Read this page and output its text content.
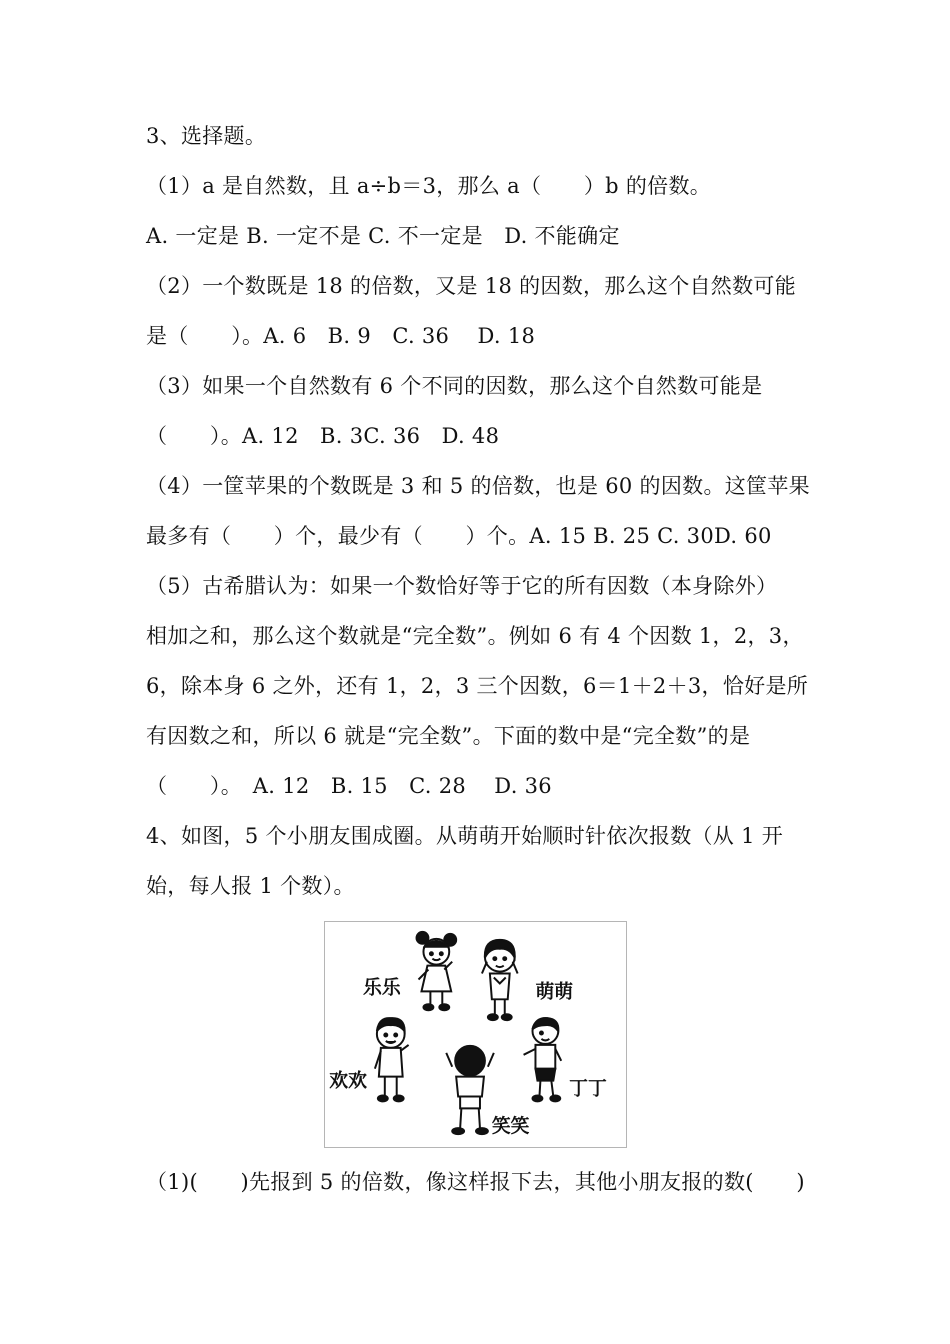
3、选择题。
（1）a 是自然数，且 a÷b＝3，那么 a（　　）b 的倍数。
A. 一定是 B. 一定不是 C. 不一定是　D. 不能确定
（2）一个数既是 18 的倍数，又是 18 的因数，那么这个自然数可能
是（　　）。A. 6　B. 9　C. 36　 D. 18
（3）如果一个自然数有 6 个不同的因数，那么这个自然数可能是
（　　）。A. 12　B. 3C. 36　D. 48
（4）一筐苹果的个数既是 3 和 5 的倍数，也是 60 的因数。这筐苹果
最多有（　　）个，最少有（　　）个。A. 15 B. 25 C. 30D. 60
（5）古希腊认为：如果一个数恰好等于它的所有因数（本身除外）
相加之和，那么这个数就是“完全数”。例如 6 有 4 个因数 1，2，3，
6，除本身 6 之外，还有 1，2，3 三个因数，6＝1＋2＋3，恰好是所
有因数之和，所以 6 就是“完全数”。下面的数中是“完全数”的是
（　　）。　A. 12　B. 15　C. 28　 D. 36
4、如图，5 个小朋友围成圈。从萌萌开始顺时针依次报数（从 1 开
始，每人报 1 个数）。
乐乐	萌萌
欢欢	丁丁
笑笑
（1)(　　)先报到 5 的倍数，像这样报下去，其他小朋友报的数(　　)
